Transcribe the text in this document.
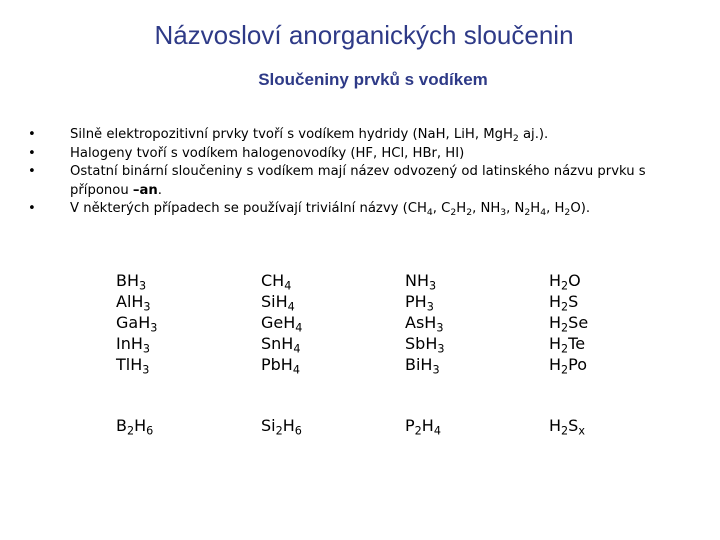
Názvosloví anorganických sloučenin
Sloučeniny prvků s vodíkem
• Silně elektropozitivní prvky tvoří s vodíkem hydridy (NaH, LiH, MgH$_2$ aj.).
• Halogeny tvoří s vodíkem halogenovodíky (HF, HCl, HBr, HI)
• Ostatní binární sloučeniny s vodíkem mají název odvozený od latinského názvu prvku s příponou –an.
• V některých případech se používají triviální názvy ($CH_4$, $C_2H_2$, $NH_3$, $N_2H_4$, $H_2O$).
$BH_3$
AlH$_3$
GaH$_3$
InH$_3$
TlH$_3$
$B_2H_6$
$CH_4$
SiH$_4$
GeH$_4$
SnH$_4$
PbH$_4$
$Si_2H_6$
$NH_3$
$PH_3$
AsH$_3$
SbH$_3$
BiH$_3$
$P_2H_4$
$H_2O$
$H_2S$
$H_2Se$
$H_2Te$
$H_2Po$
$H_2S_x$
